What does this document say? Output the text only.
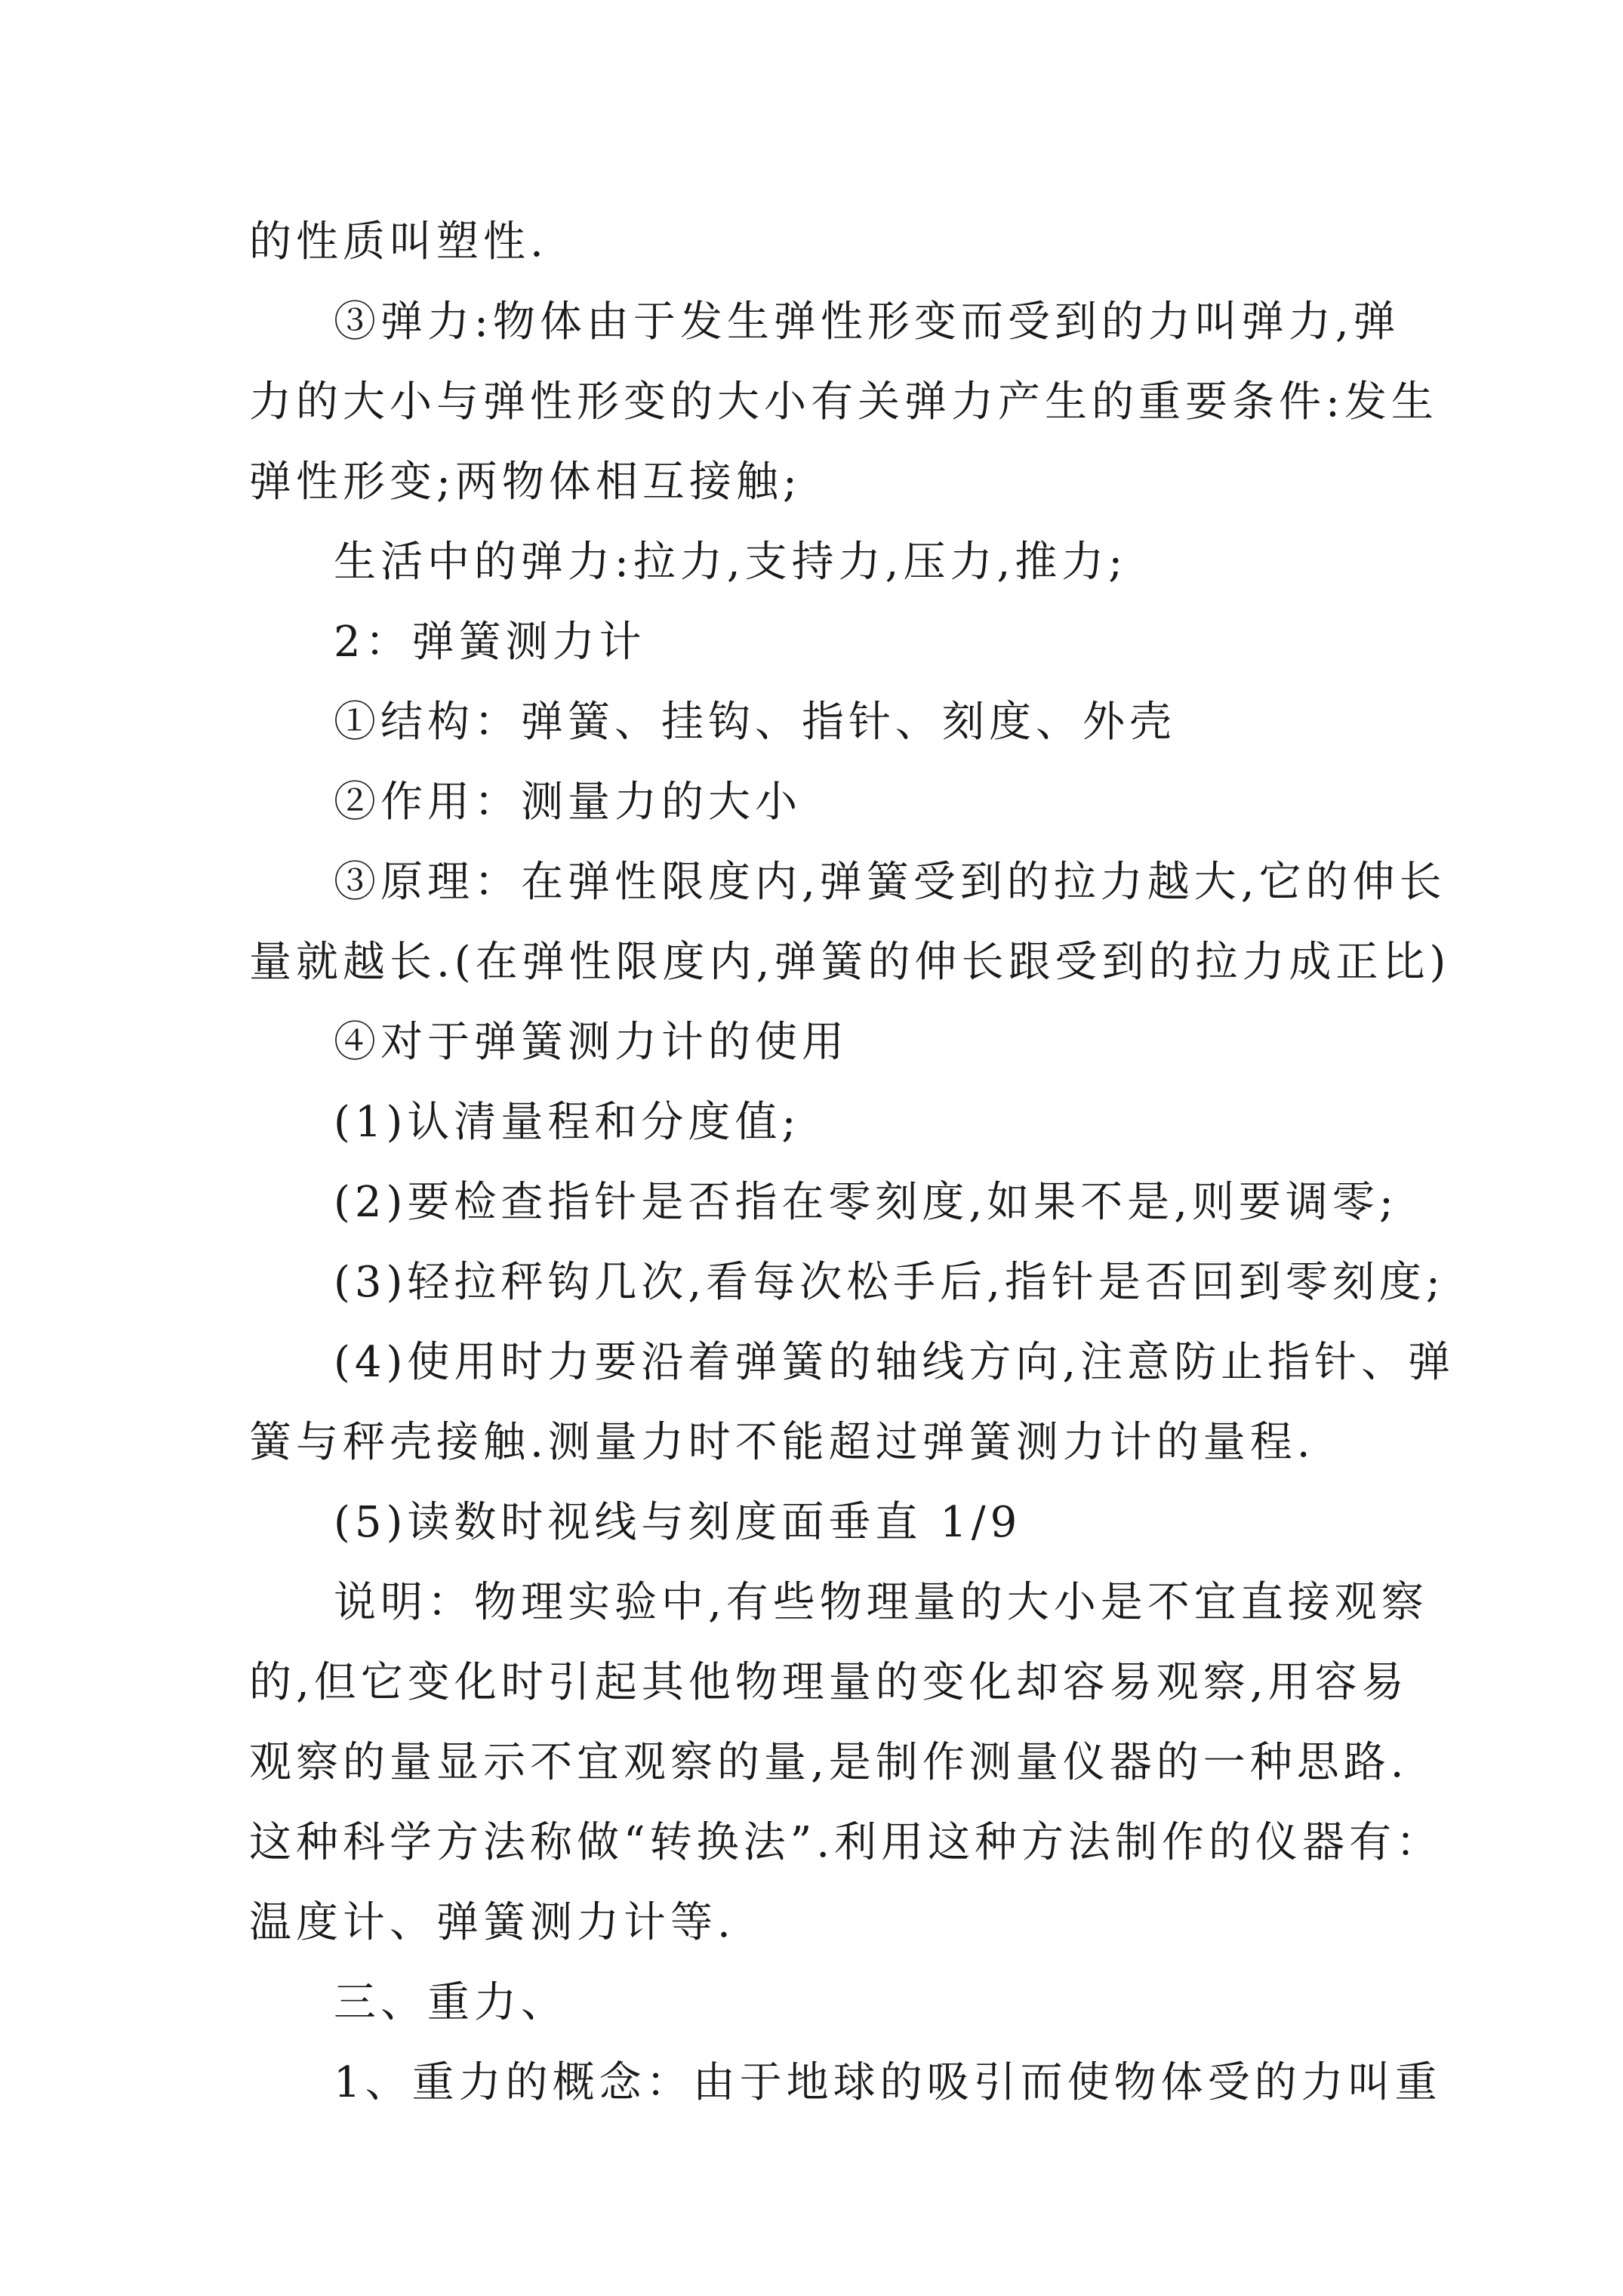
的性质叫塑性.
③弹力:物体由于发生弹性形变而受到的力叫弹力,弹
力的大小与弹性形变的大小有关弹力产生的重要条件:发生
弹性形变;两物体相互接触;
生活中的弹力:拉力,支持力,压力,推力;
2：弹簧测力计
①结构：弹簧、挂钩、指针、刻度、外壳
②作用：测量力的大小
③原理：在弹性限度内,弹簧受到的拉力越大,它的伸长
量就越长.(在弹性限度内,弹簧的伸长跟受到的拉力成正比)
④对于弹簧测力计的使用
(1)认清量程和分度值;
(2)要检查指针是否指在零刻度,如果不是,则要调零;
(3)轻拉秤钩几次,看每次松手后,指针是否回到零刻度;
(4)使用时力要沿着弹簧的轴线方向,注意防止指针、弹
簧与秤壳接触.测量力时不能超过弹簧测力计的量程.
(5)读数时视线与刻度面垂直 1/9
说明：物理实验中,有些物理量的大小是不宜直接观察
的,但它变化时引起其他物理量的变化却容易观察,用容易
观察的量显示不宜观察的量,是制作测量仪器的一种思路.
这种科学方法称做“转换法”.利用这种方法制作的仪器有：
温度计、弹簧测力计等.
三、重力、
1、重力的概念：由于地球的吸引而使物体受的力叫重
